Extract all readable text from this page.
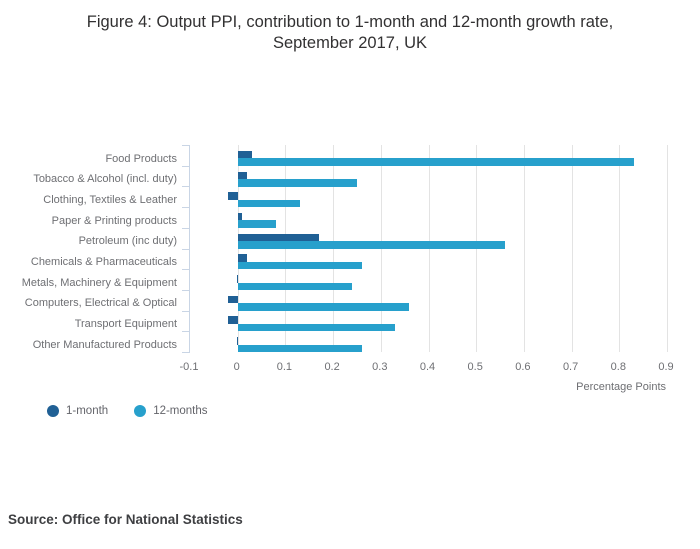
Figure 4: Output PPI, contribution to 1-month and 12-month growth rate,
September 2017, UK
Percentage Points
1-month	12-months
Source: Office for National Statistics
Food Products
Tobacco & Alcohol (incl. duty)
Clothing, Textiles & Leather
Paper & Printing products
Petroleum (inc duty)
Chemicals & Pharmaceuticals
Metals, Machinery & Equipment
Computers, Electrical & Optical
Transport Equipment
Other Manufactured Products
-0.1	0	0.1	0.2	0.3	0.4	0.5	0.6	0.7	0.8	0.9
